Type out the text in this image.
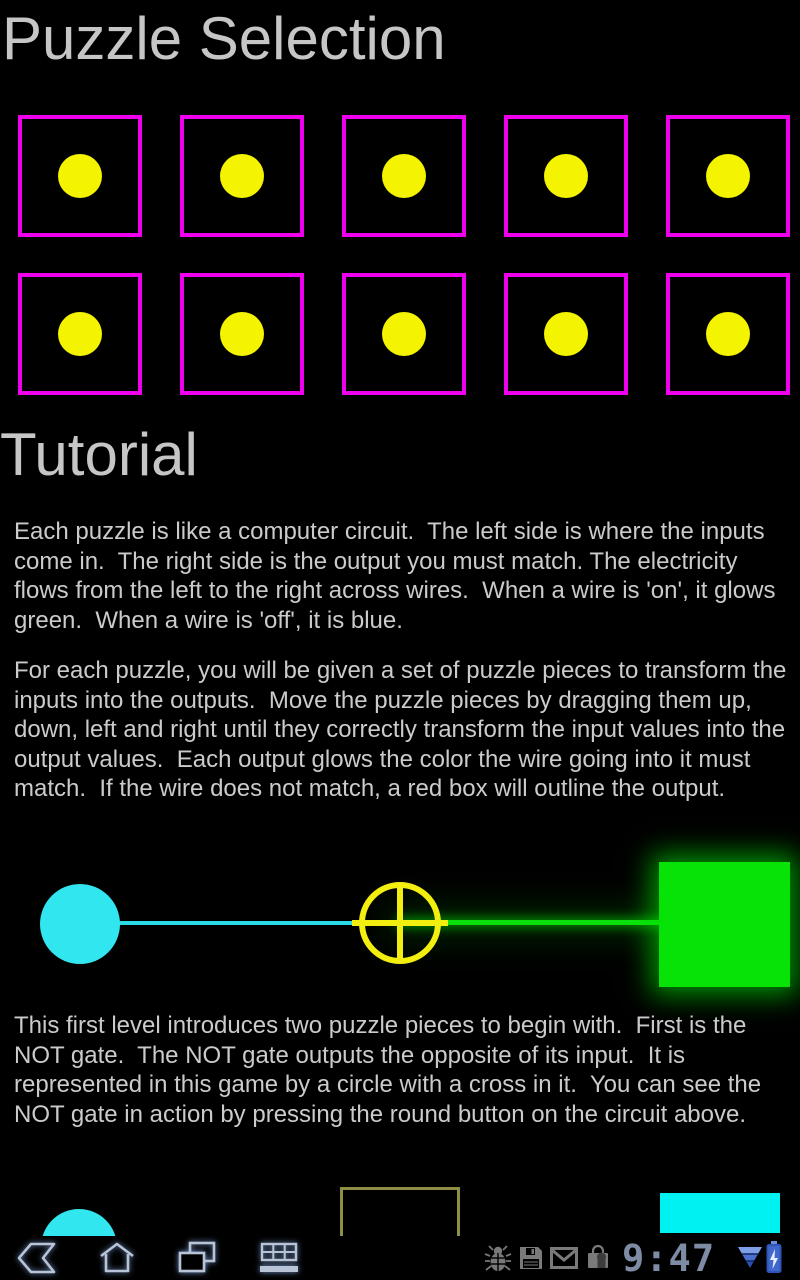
Puzzle Selection
Tutorial

Each puzzle is like a computer circuit.  The left side is where the inputs come in.  The right side is the output you must match. The electricity flows from the left to the right across wires.  When a wire is 'on', it glows green.  When a wire is 'off', it is blue.

For each puzzle, you will be given a set of puzzle pieces to transform the inputs into the outputs.  Move the puzzle pieces by dragging them up, down, left and right until they correctly transform the input values into the output values.  Each output glows the color the wire going into it must match.  If the wire does not match, a red box will outline the output.

This first level introduces two puzzle pieces to begin with.  First is the NOT gate.  The NOT gate outputs the opposite of its input.  It is represented in this game by a circle with a cross in it.  You can see the NOT gate in action by pressing the round button on the circuit above.

9:47
